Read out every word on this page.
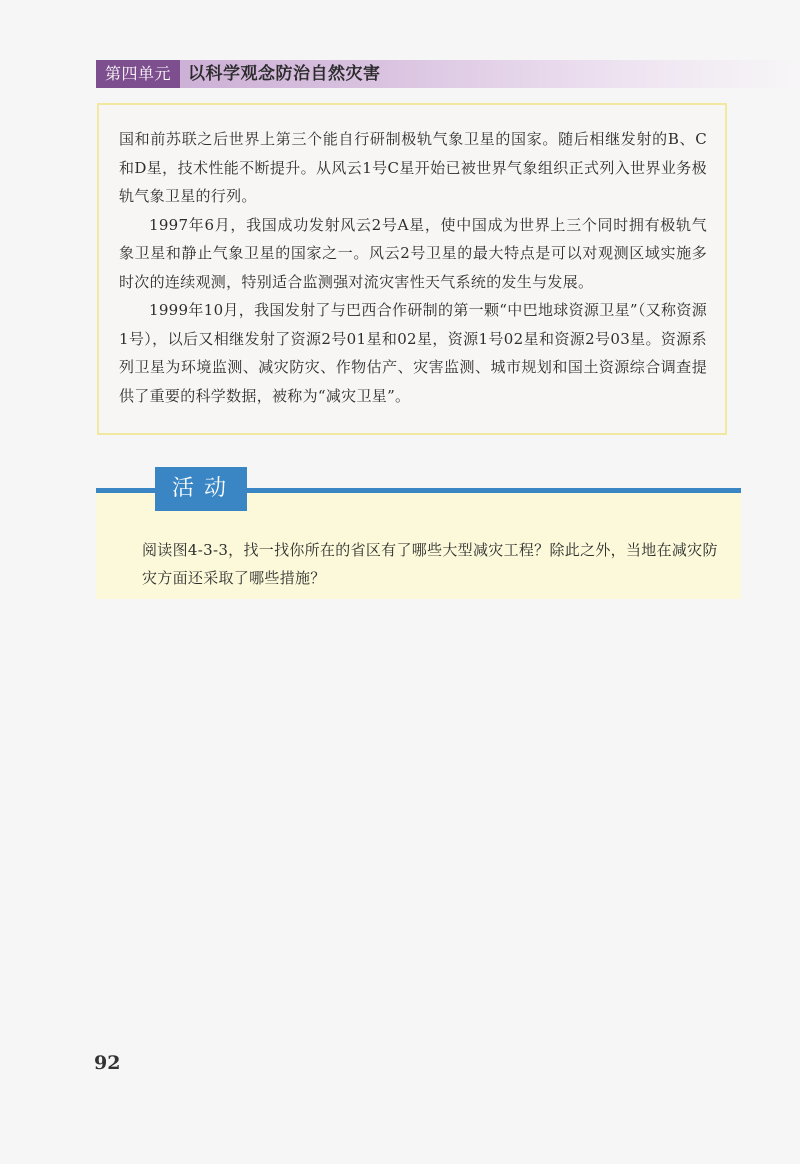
第四单元	以科学观念防治自然灾害

国和前苏联之后世界上第三个能自行研制极轨气象卫星的国家。随后相继发射的B、C和D星，技术性能不断提升。从风云1号C星开始已被世界气象组织正式列入世界业务极轨气象卫星的行列。

1997年6月，我国成功发射风云2号A星，使中国成为世界上三个同时拥有极轨气象卫星和静止气象卫星的国家之一。风云2号卫星的最大特点是可以对观测区域实施多时次的连续观测，特别适合监测强对流灾害性天气系统的发生与发展。

1999年10月，我国发射了与巴西合作研制的第一颗“中巴地球资源卫星”（又称资源1号），以后又相继发射了资源2号01星和02星，资源1号02星和资源2号03星。资源系列卫星为环境监测、减灾防灾、作物估产、灾害监测、城市规划和国土资源综合调查提供了重要的科学数据，被称为“减灾卫星”。

阅读图4-3-3，找一找你所在的省区有了哪些大型减灾工程？除此之外，当地在减灾防灾方面还采取了哪些措施？

活动
92
